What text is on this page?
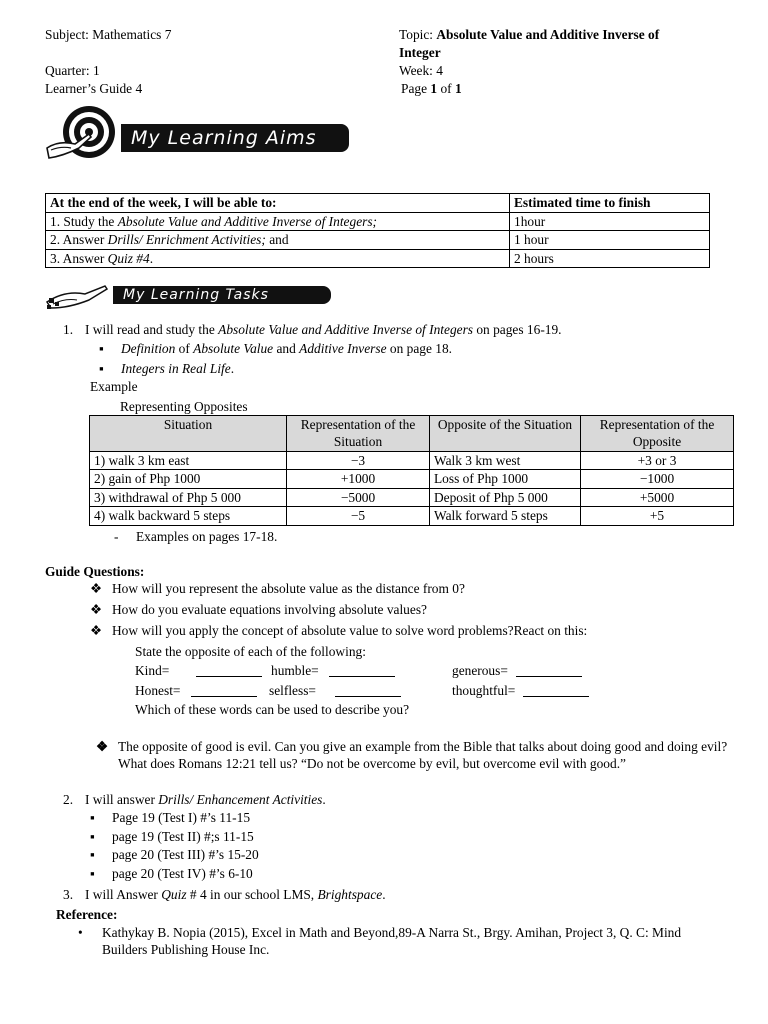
Subject: Mathematics 7	Topic: Absolute Value and Additive Inverse of
Integer
Quarter: 1	Week: 4
Learner’s Guide 4	Page 1 of 1
My Learning Aims
At the end of the week, I will be able to:	Estimated time to finish
1. Study the Absolute Value and Additive Inverse of Integers;	1hour
2. Answer Drills/ Enrichment Activities; and	1 hour
3. Answer Quiz #4.	2 hours
My Learning Tasks
1. I will read and study the Absolute Value and Additive Inverse of Integers on pages 16-19.
▪	Definition of Absolute Value and Additive Inverse on page 18.
▪	Integers in Real Life.
Example
Representing Opposites
Situation	Representation of the Situation	Opposite of the Situation	Representation of the Opposite
1) walk 3 km east	−3	Walk 3 km west	+3 or 3
2) gain of Php 1000	+1000	Loss of Php 1000	−1000
3) withdrawal of Php 5 000	−5000	Deposit of Php 5 000	+5000
4) walk backward 5 steps	−5	Walk forward 5 steps	+5
-	Examples on pages 17-18.
Guide Questions:
❖ How will you represent the absolute value as the distance from 0?
❖ How do you evaluate equations involving absolute values?
❖ How will you apply the concept of absolute value to solve word problems?React on this:
State the opposite of each of the following:
Kind=	humble=	generous=
Honest=	selfless=	thoughtful=
Which of these words can be used to describe you?
❖ The opposite of good is evil. Can you give an example from the Bible that talks about doing good and doing evil? What does Romans 12:21 tell us? “Do not be overcome by evil, but overcome evil with good.”
2. I will answer Drills/ Enhancement Activities.
▪	Page 19 (Test I) #’s 11-15
▪	page 19 (Test II) #;s 11-15
▪	page 20 (Test III) #’s 15-20
▪	page 20 (Test IV) #’s 6-10
3. I will Answer Quiz # 4 in our school LMS, Brightspace.
Reference:
•	Kathykay B. Nopia (2015), Excel in Math and Beyond,89-A Narra St., Brgy. Amihan, Project 3, Q. C: Mind Builders Publishing House Inc.
